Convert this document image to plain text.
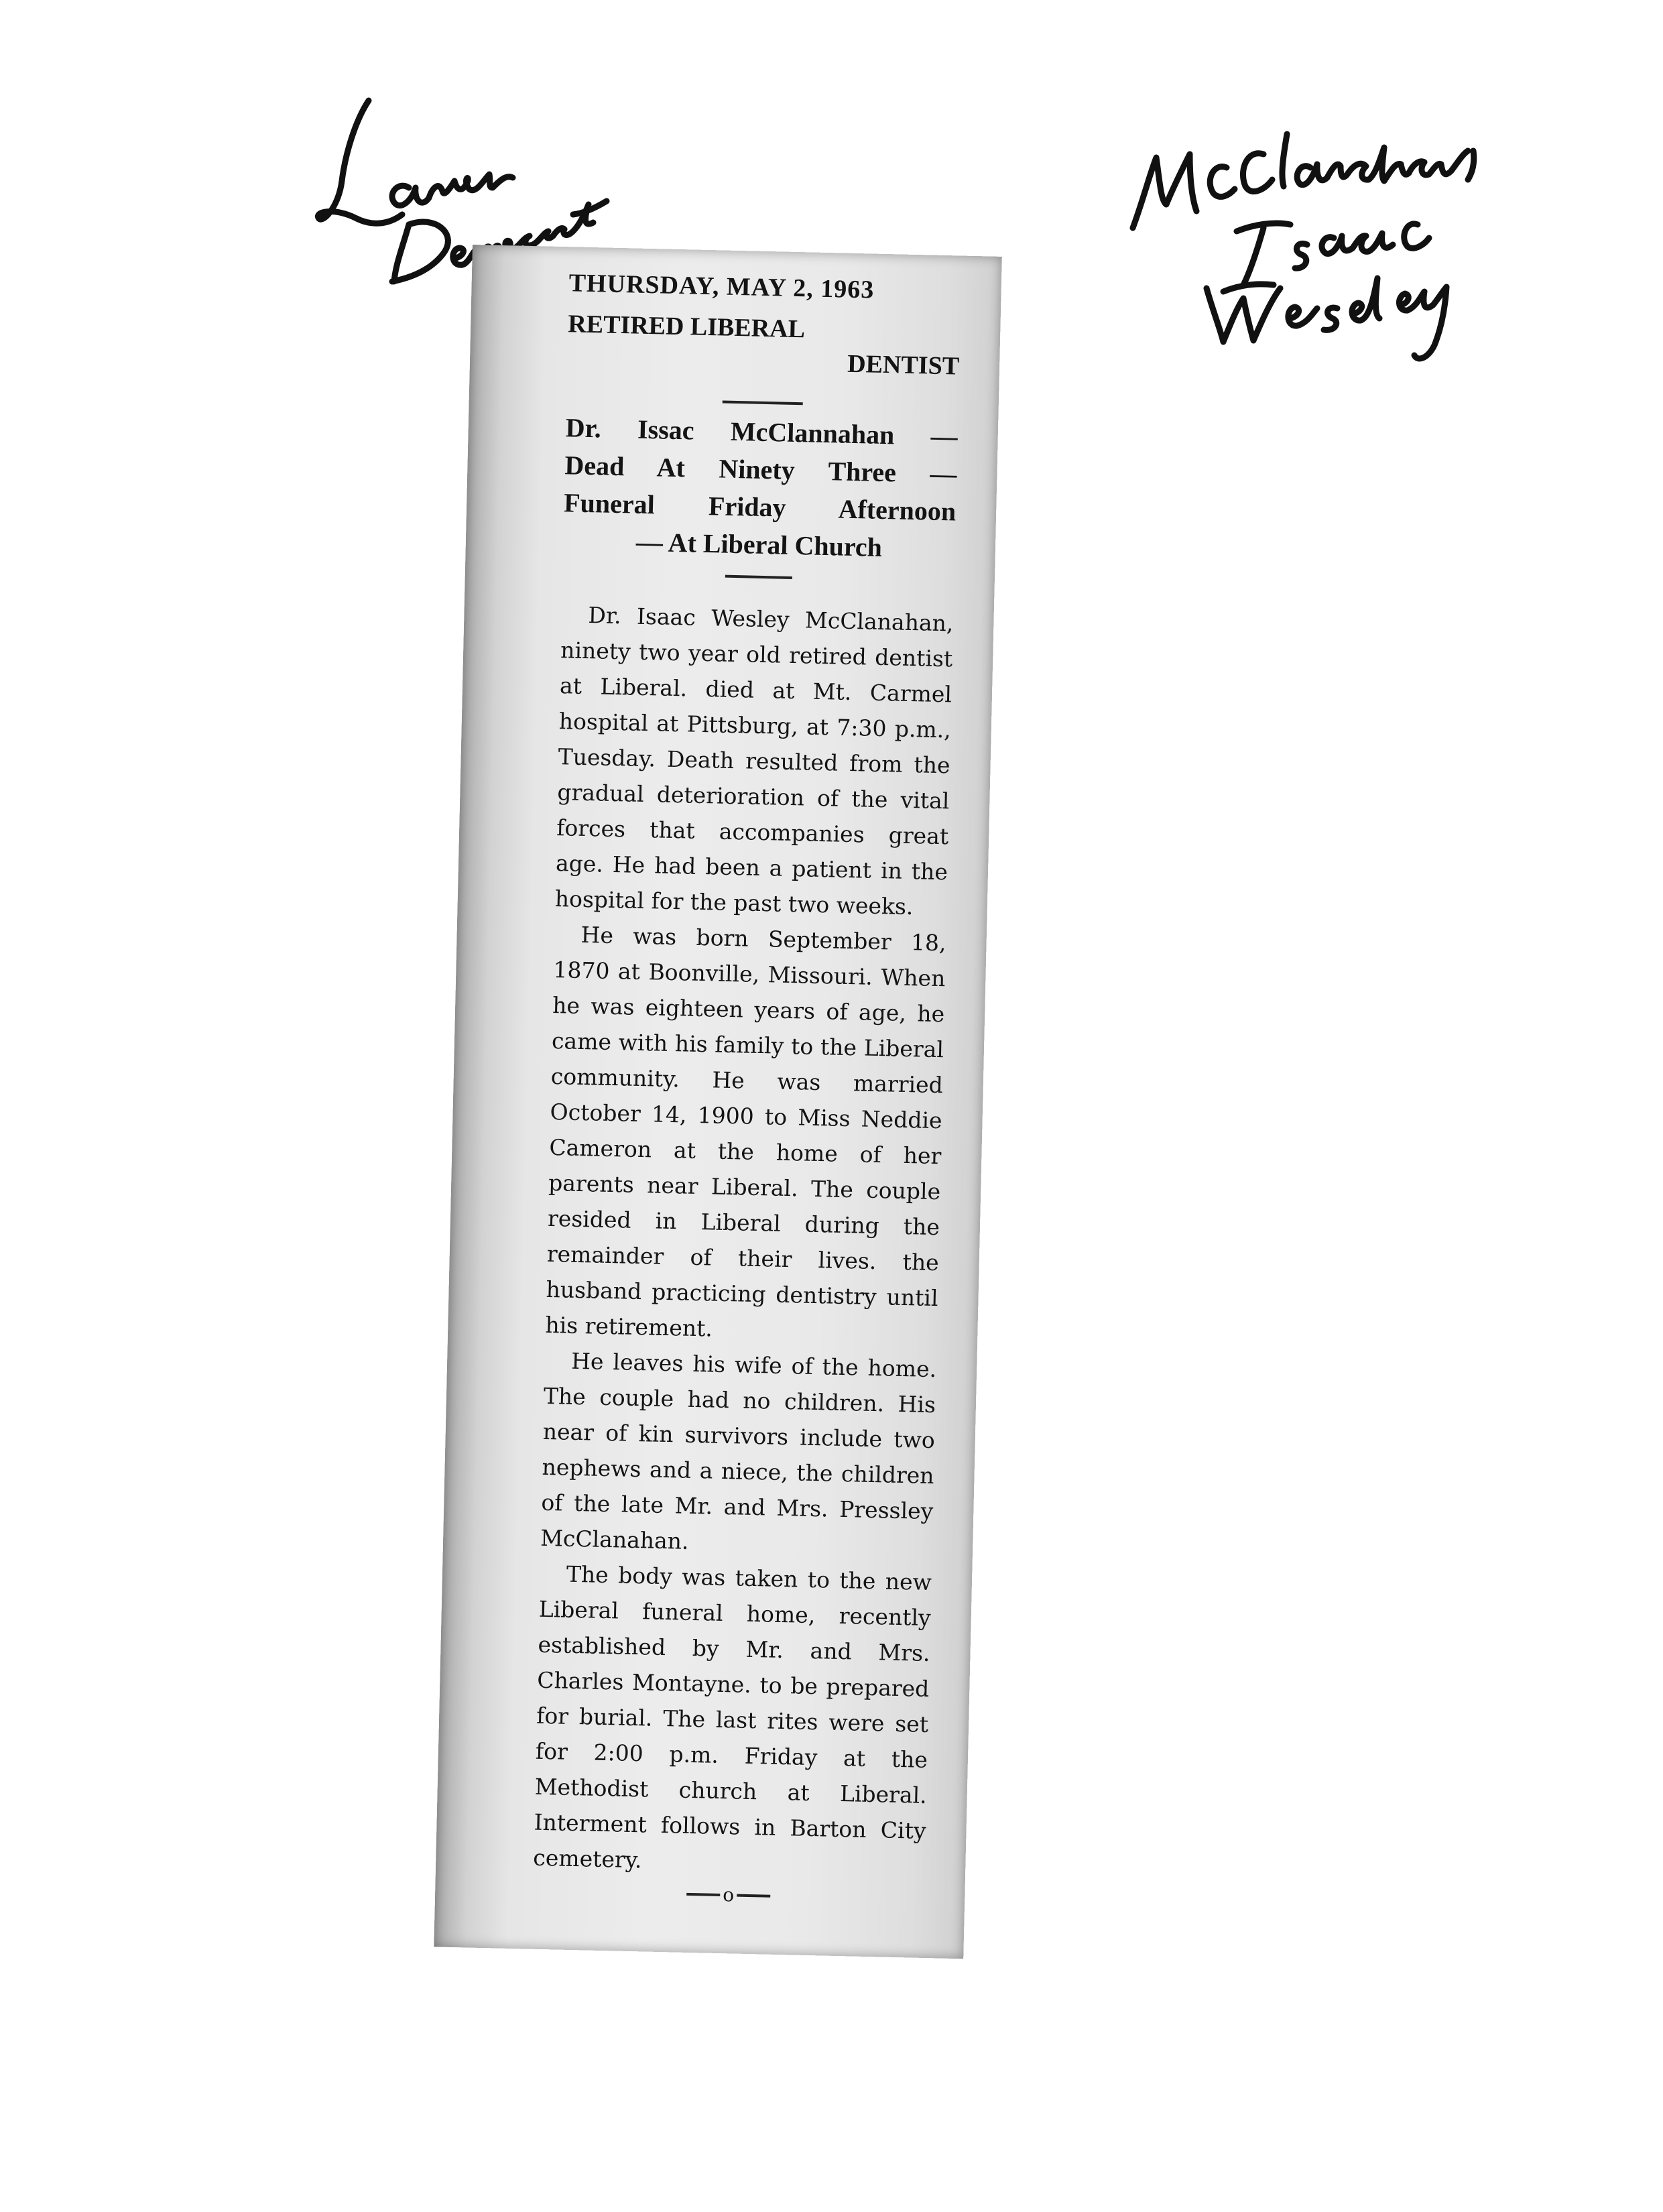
THURSDAY, MAY 2, 1963
RETIRED LIBERAL
DENTIST
Dr. Issac McClannahan —
Dead At Ninety Three —
Funeral Friday Afternoon
— At Liberal Church

Dr. Isaac Wesley McClanahan, ninety two year old retired dentist at Liberal. died at Mt. Carmel hospital at Pittsburg, at 7:30 p.m., Tuesday. Death resulted from the gradual deterioration of the vital forces that accompanies great age. He had been a patient in the hospital for the past two weeks.

He was born September 18, 1870 at Boonville, Missouri. When he was eighteen years of age, he came with his family to the Liberal community. He was married October 14, 1900 to Miss Neddie Cameron at the home of her parents near Liberal. The couple resided in Liberal during the remainder of their lives. the husband practicing dentistry until his retirement.

He leaves his wife of the home. The couple had no children. His near of kin survivors include two nephews and a niece, the children of the late Mr. and Mrs. Pressley McClanahan.

The body was taken to the new Liberal funeral home, recently established by Mr. and Mrs. Charles Montayne. to be prepared for burial. The last rites were set for 2:00 p.m. Friday at the Methodist church at Liberal. Interment follows in Barton City cemetery.

o
